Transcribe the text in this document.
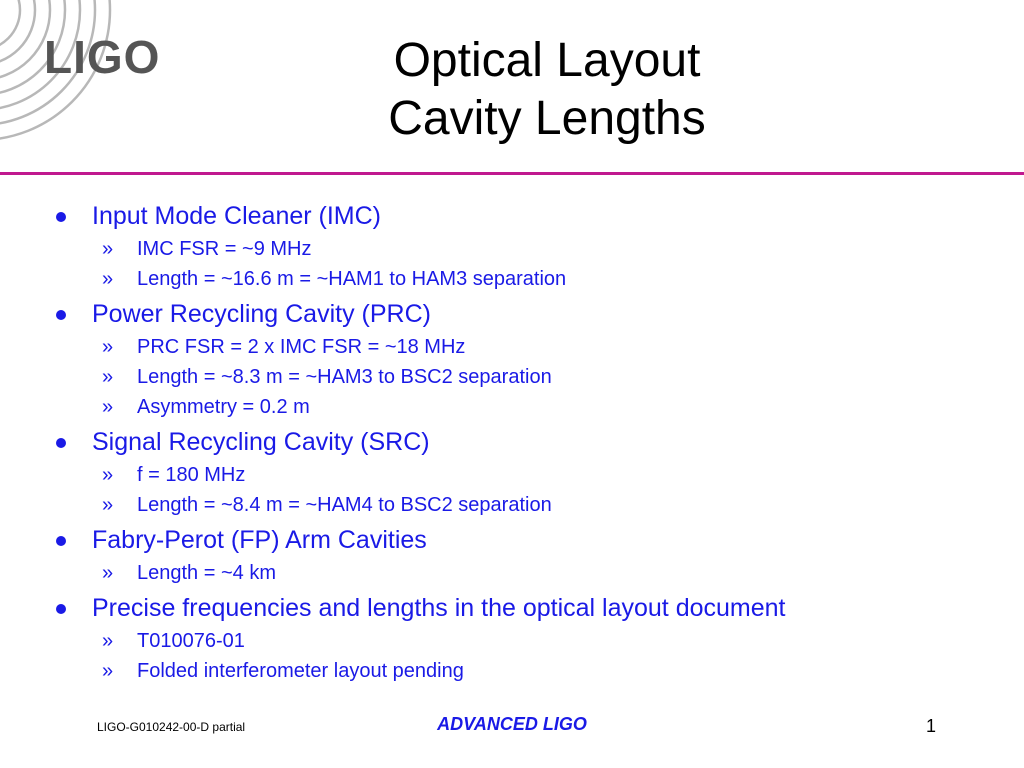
LIGO	Optical Layout
Cavity Lengths
Input Mode Cleaner (IMC)
» IMC FSR = ~9 MHz
» Length = ~16.6 m = ~HAM1 to HAM3 separation
Power Recycling Cavity (PRC)
» PRC FSR = 2 x IMC FSR = ~18 MHz
» Length = ~8.3 m = ~HAM3 to BSC2 separation
» Asymmetry = 0.2 m
Signal Recycling Cavity (SRC)
» f = 180 MHz
» Length = ~8.4 m = ~HAM4 to BSC2 separation
Fabry-Perot (FP) Arm Cavities
» Length = ~4 km
Precise frequencies and lengths in the optical layout document
» T010076-01
» Folded interferometer layout pending
LIGO-G010242-00-D partial	ADVANCED LIGO	1
